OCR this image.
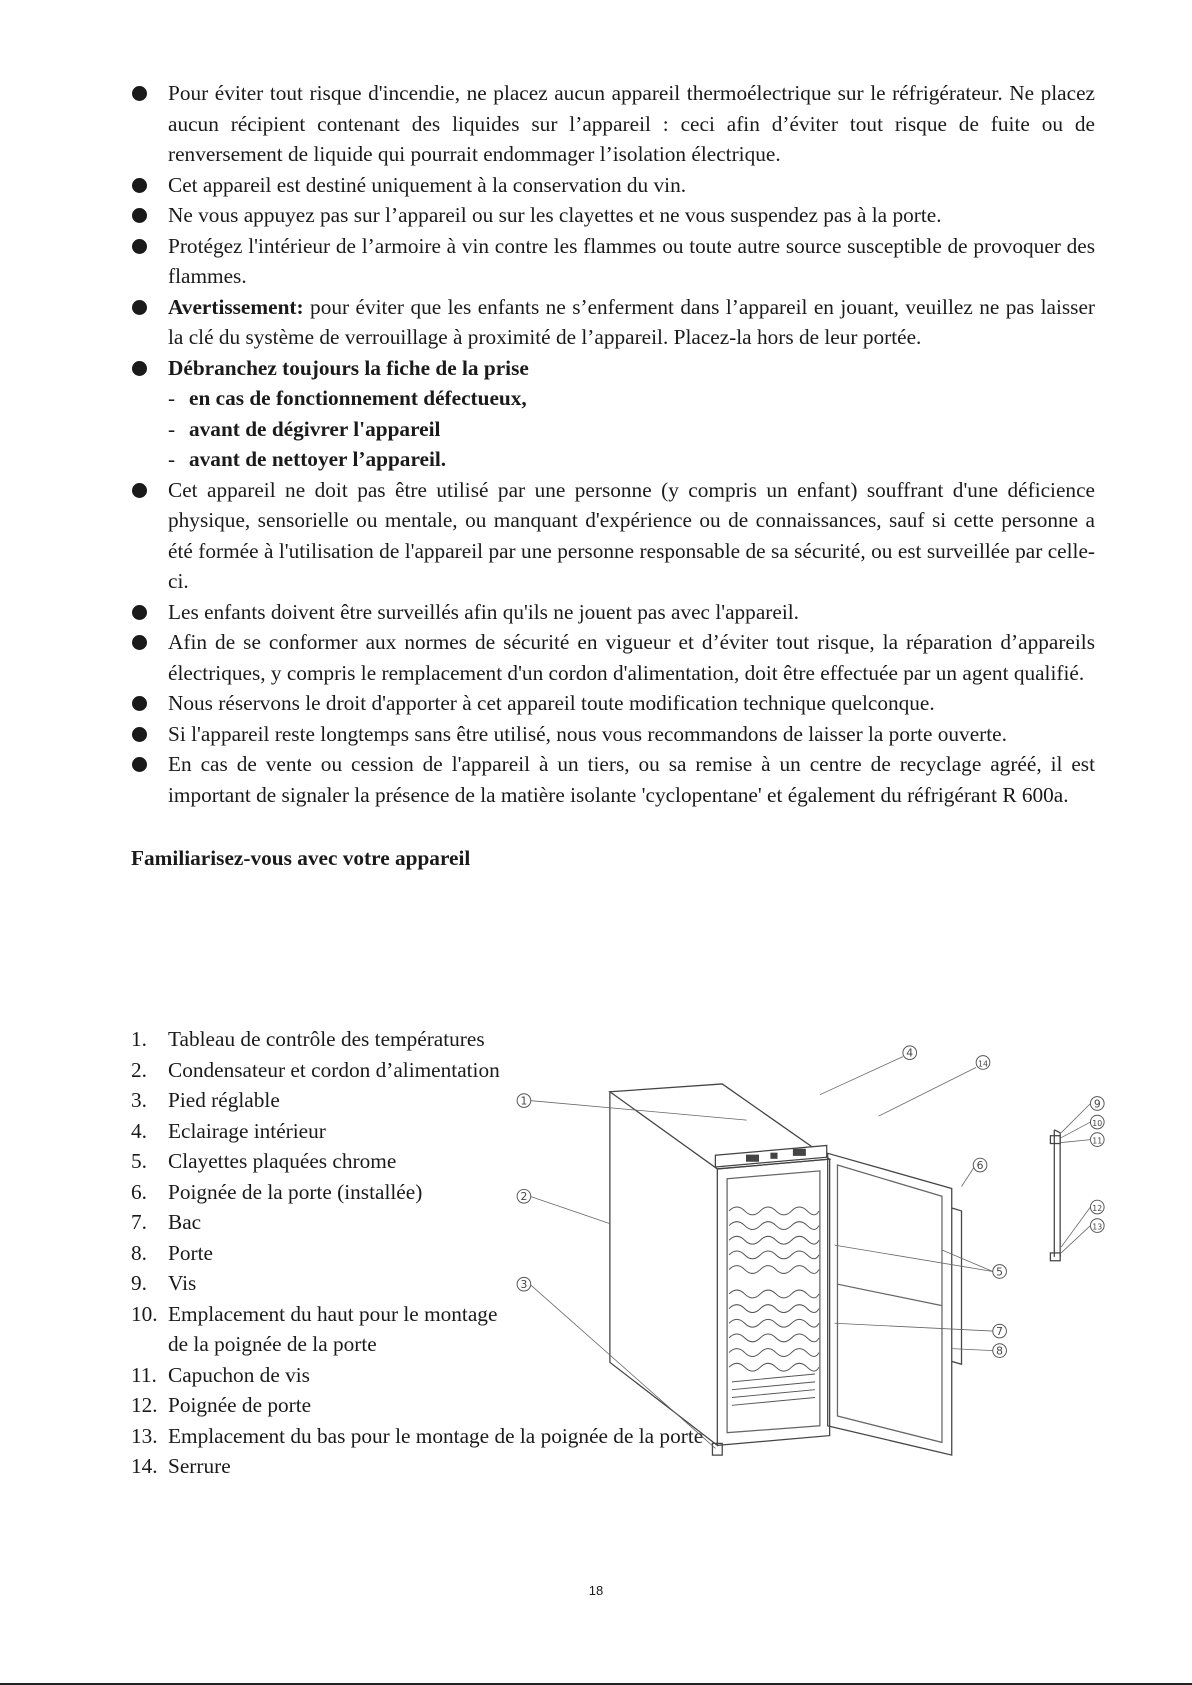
Pour éviter tout risque d'incendie, ne placez aucun appareil thermoélectrique sur le réfrigérateur. Ne placez aucun récipient contenant des liquides sur l’appareil : ceci afin d’éviter tout risque de fuite ou de renversement de liquide qui pourrait endommager l’isolation électrique.
Cet appareil est destiné uniquement à la conservation du vin.
Ne vous appuyez pas sur l’appareil ou sur les clayettes et ne vous suspendez pas à la porte.
Protégez l'intérieur de l’armoire à vin contre les flammes ou toute autre source susceptible de provoquer des flammes.
Avertissement: pour éviter que les enfants ne s’enferment dans l’appareil en jouant, veuillez ne pas laisser la clé du système de verrouillage à proximité de l’appareil. Placez-la hors de leur portée.
Débranchez toujours la fiche de la prise
- en cas de fonctionnement défectueux,
- avant de dégivrer l'appareil
- avant de nettoyer l’appareil.
Cet appareil ne doit pas être utilisé par une personne (y compris un enfant) souffrant d'une déficience physique, sensorielle ou mentale, ou manquant d'expérience ou de connaissances, sauf si cette personne a été formée à l'utilisation de l'appareil par une personne responsable de sa sécurité, ou est surveillée par celle-ci.
Les enfants doivent être surveillés afin qu'ils ne jouent pas avec l'appareil.
Afin de se conformer aux normes de sécurité en vigueur et d’éviter tout risque, la réparation d’appareils électriques, y compris le remplacement d'un cordon d'alimentation, doit être effectuée par un agent qualifié.
Nous réservons le droit d'apporter à cet appareil toute modification technique quelconque.
Si l'appareil reste longtemps sans être utilisé, nous vous recommandons de laisser la porte ouverte.
En cas de vente ou cession de l'appareil à un tiers, ou sa remise à un centre de recyclage agréé, il est important de signaler la présence de la matière isolante 'cyclopentane' et également du réfrigérant R 600a.
Familiarisez-vous avec votre appareil
1. Tableau de contrôle des températures
2. Condensateur et cordon d’alimentation
3. Pied réglable
4. Eclairage intérieur
5. Clayettes plaquées chrome
6. Poignée de la porte (installée)
7. Bac
8. Porte
9. Vis
10. Emplacement du haut pour le montage de la poignée de la porte
11. Capuchon de vis
12. Poignée de porte
13. Emplacement du bas pour le montage de la poignée de la porte
14. Serrure
1
2
3
4
5
6
7
8
9
10
11
12
13
14
18
